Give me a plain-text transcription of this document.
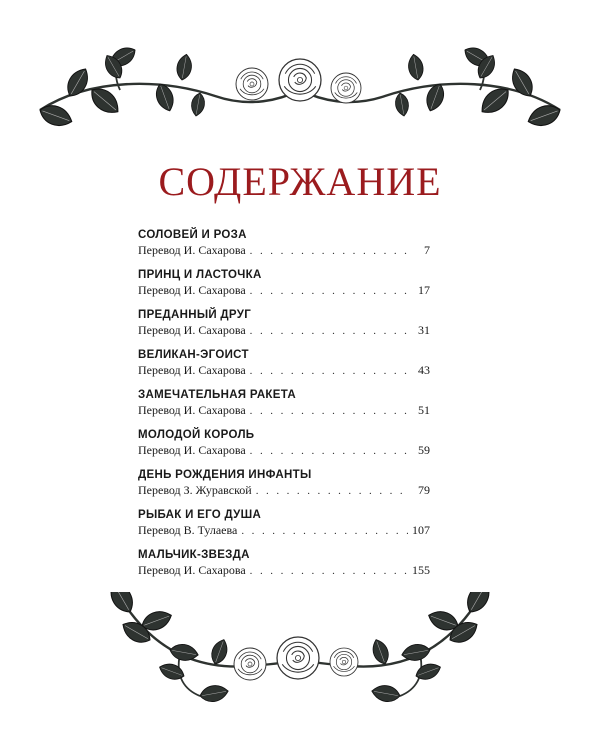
СОДЕРЖАНИЕ
СОЛОВЕЙ И РОЗА
Перевод И. Сахарова . . .	7
ПРИНЦ И ЛАСТОЧКА
Перевод И. Сахарова . . .	17
ПРЕДАННЫЙ ДРУГ
Перевод И. Сахарова . . .	31
ВЕЛИКАН-ЭГОИСТ
Перевод И. Сахарова . . .	43
ЗАМЕЧАТЕЛЬНАЯ РАКЕТА
Перевод И. Сахарова . . .	51
МОЛОДОЙ КОРОЛЬ
Перевод И. Сахарова . . .	59
ДЕНЬ РОЖДЕНИЯ ИНФАНТЫ
Перевод З. Журавской . . .	79
РЫБАК И ЕГО ДУША
Перевод В. Тулаева . . .	107
МАЛЬЧИК-ЗВЕЗДА
Перевод И. Сахарова . . .	155
